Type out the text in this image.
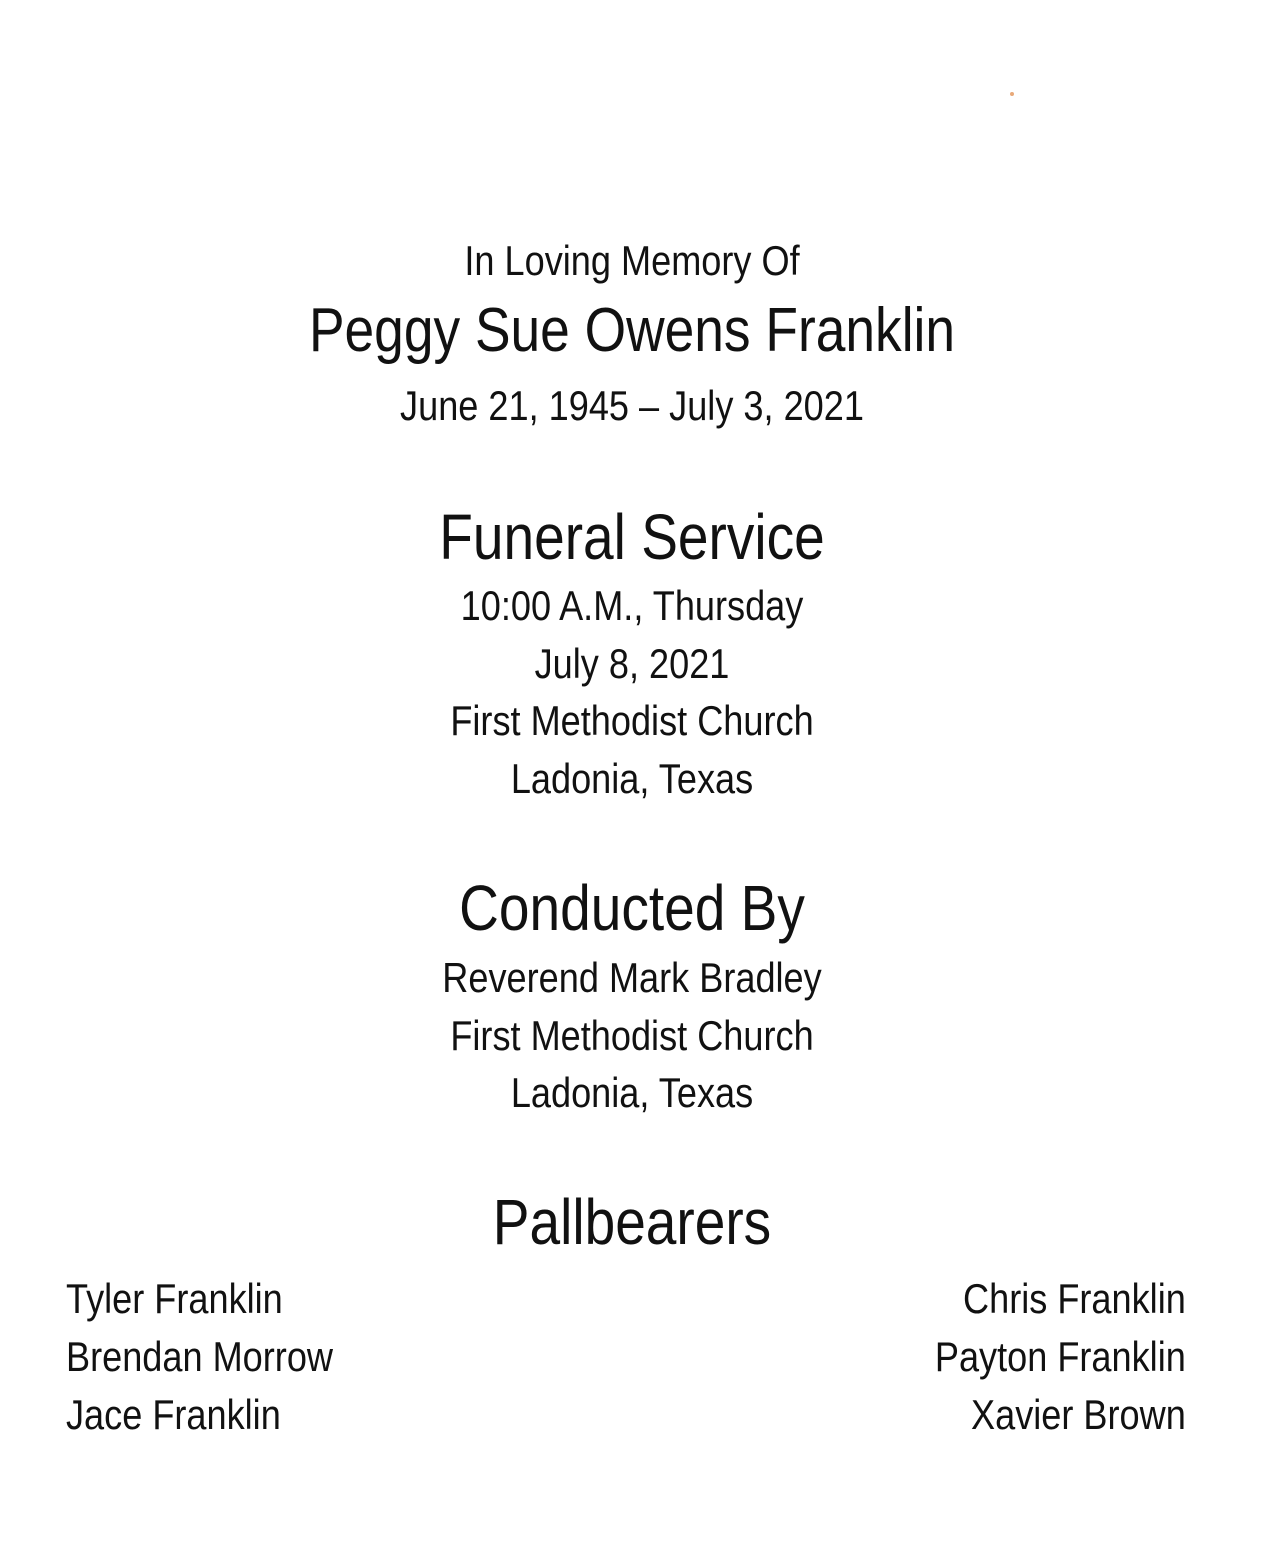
In Loving Memory Of
Peggy Sue Owens Franklin
June 21, 1945 – July 3, 2021
Funeral Service
10:00 A.M., Thursday
July 8, 2021
First Methodist Church
Ladonia, Texas
Conducted By
Reverend Mark Bradley
First Methodist Church
Ladonia, Texas
Pallbearers
Tyler Franklin
Brendan Morrow
Jace Franklin
Chris Franklin
Payton Franklin
Xavier Brown
